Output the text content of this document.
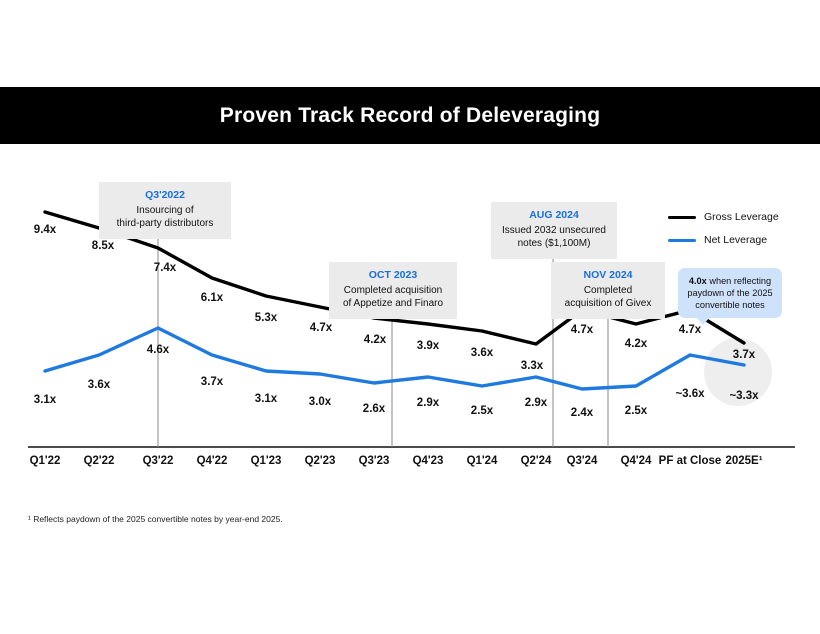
Proven Track Record of Deleveraging
Gross Leverage
Net Leverage
Q3'2022
Insourcing of
third-party distributors
OCT 2023
Completed acquisition
of Appetize and Finaro
AUG 2024
Issued 2032 unsecured
notes ($1,100M)
NOV 2024
Completed
acquisition of Givex
4.0x when reflecting paydown of the 2025 convertible notes
9.4x
8.5x
7.4x
6.1x
5.3x
4.7x
4.2x	3.9x
3.6x
3.3x
4.7x
4.2x
4.7x
3.7x
3.1x
3.6x
4.6x
3.7x
3.1x	3.0x
2.6x	2.9x
2.5x
2.9x
2.4x	2.5x
~3.6x ~3.3x
Q1'22 Q2'22 Q3'22 Q4'22 Q1'23 Q2'23 Q3'23 Q4'23 Q1'24 Q2'24 Q3'24 Q4'24 PF at Close 2025E¹
¹ Reflects paydown of the 2025 convertible notes by year-end 2025.
